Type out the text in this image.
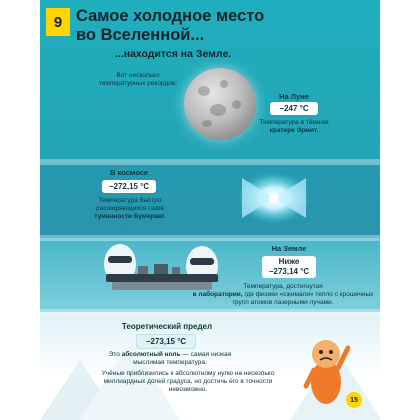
9 Самое холодное место
во Вселенной...
...находится на Земле.
Вот несколько температурных рекордов:
На Луне
−247 °C
Температура в тёмном
кратере Эрмит.
В космосе
−272,15 °C
Температура быстро расширяющихся газов
туманности Бумеранг.
На Земле
Ниже
−273,14 °C
Температура, достигнутая
в лаборатории, где физики «сжимали» тепло с крошечных групп атомов лазерными лучами.
Теоретический предел
−273,15 °C
Это абсолютный ноль — самая низкая мыслимая температура.
Учёные приблизились к абсолютному нулю на несколько миллиардных долей градуса, но достичь его в точности невозможно.
15
